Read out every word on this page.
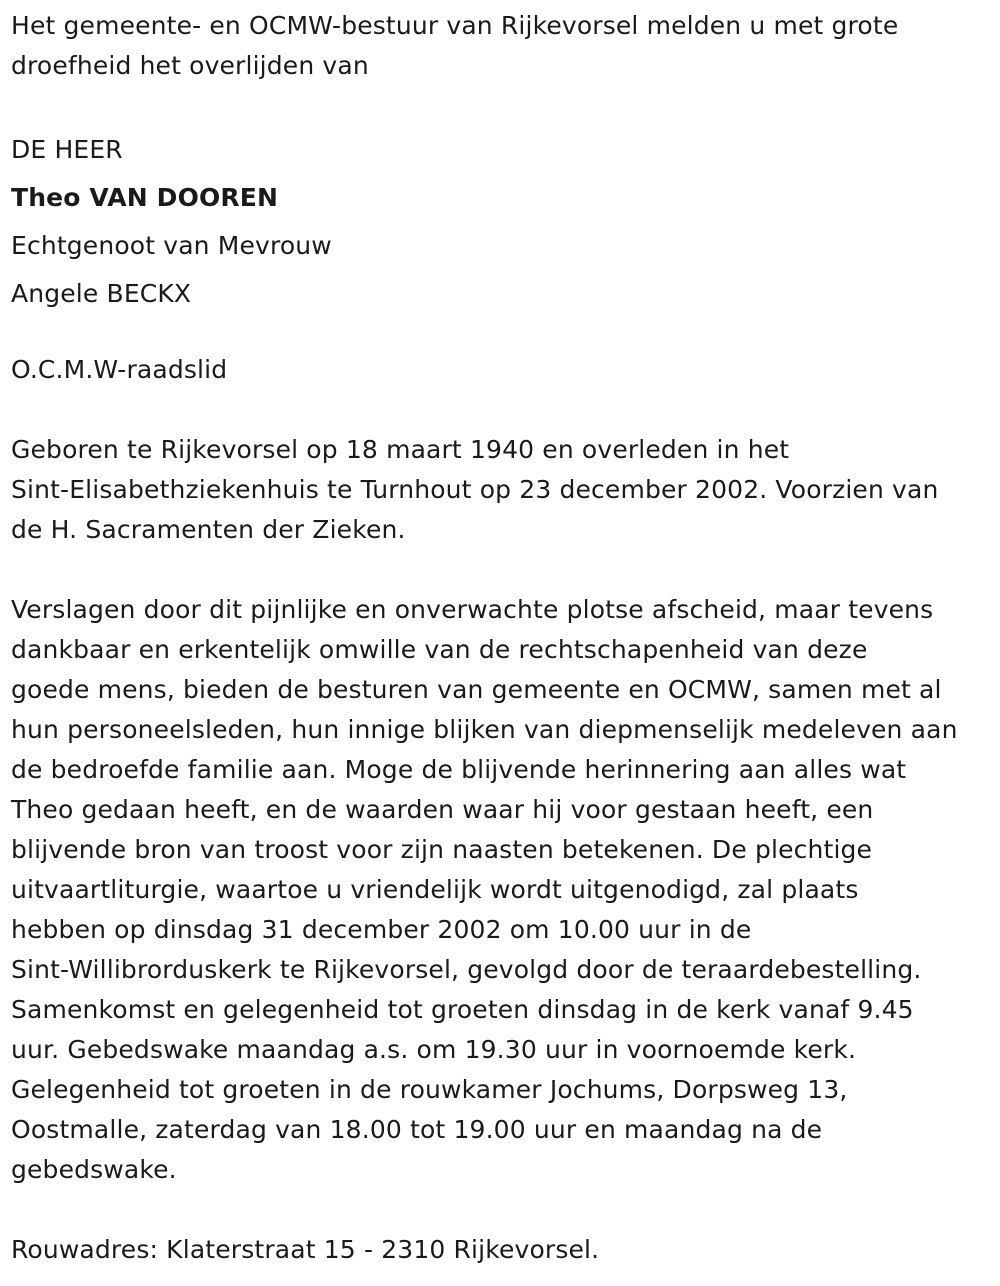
Het gemeente- en OCMW-bestuur van Rijkevorsel melden u met grote

droefheid het overlijden van

DE HEER

Theo VAN DOOREN

Echtgenoot van Mevrouw

Angele BECKX

O.C.M.W-raadslid

Geboren te Rijkevorsel op 18 maart 1940 en overleden in het

Sint-Elisabethziekenhuis te Turnhout op 23 december 2002. Voorzien van

de H. Sacramenten der Zieken.

Verslagen door dit pijnlijke en onverwachte plotse afscheid, maar tevens

dankbaar en erkentelijk omwille van de rechtschapenheid van deze

goede mens, bieden de besturen van gemeente en OCMW, samen met al

hun personeelsleden, hun innige blijken van diepmenselijk medeleven aan

de bedroefde familie aan. Moge de blijvende herinnering aan alles wat

Theo gedaan heeft, en de waarden waar hij voor gestaan heeft, een

blijvende bron van troost voor zijn naasten betekenen. De plechtige

uitvaartliturgie, waartoe u vriendelijk wordt uitgenodigd, zal plaats

hebben op dinsdag 31 december 2002 om 10.00 uur in de

Sint-Willibrorduskerk te Rijkevorsel, gevolgd door de teraardebestelling.

Samenkomst en gelegenheid tot groeten dinsdag in de kerk vanaf 9.45

uur. Gebedswake maandag a.s. om 19.30 uur in voornoemde kerk.

Gelegenheid tot groeten in de rouwkamer Jochums, Dorpsweg 13,

Oostmalle, zaterdag van 18.00 tot 19.00 uur en maandag na de

gebedswake.

Rouwadres: Klaterstraat 15 - 2310 Rijkevorsel.
